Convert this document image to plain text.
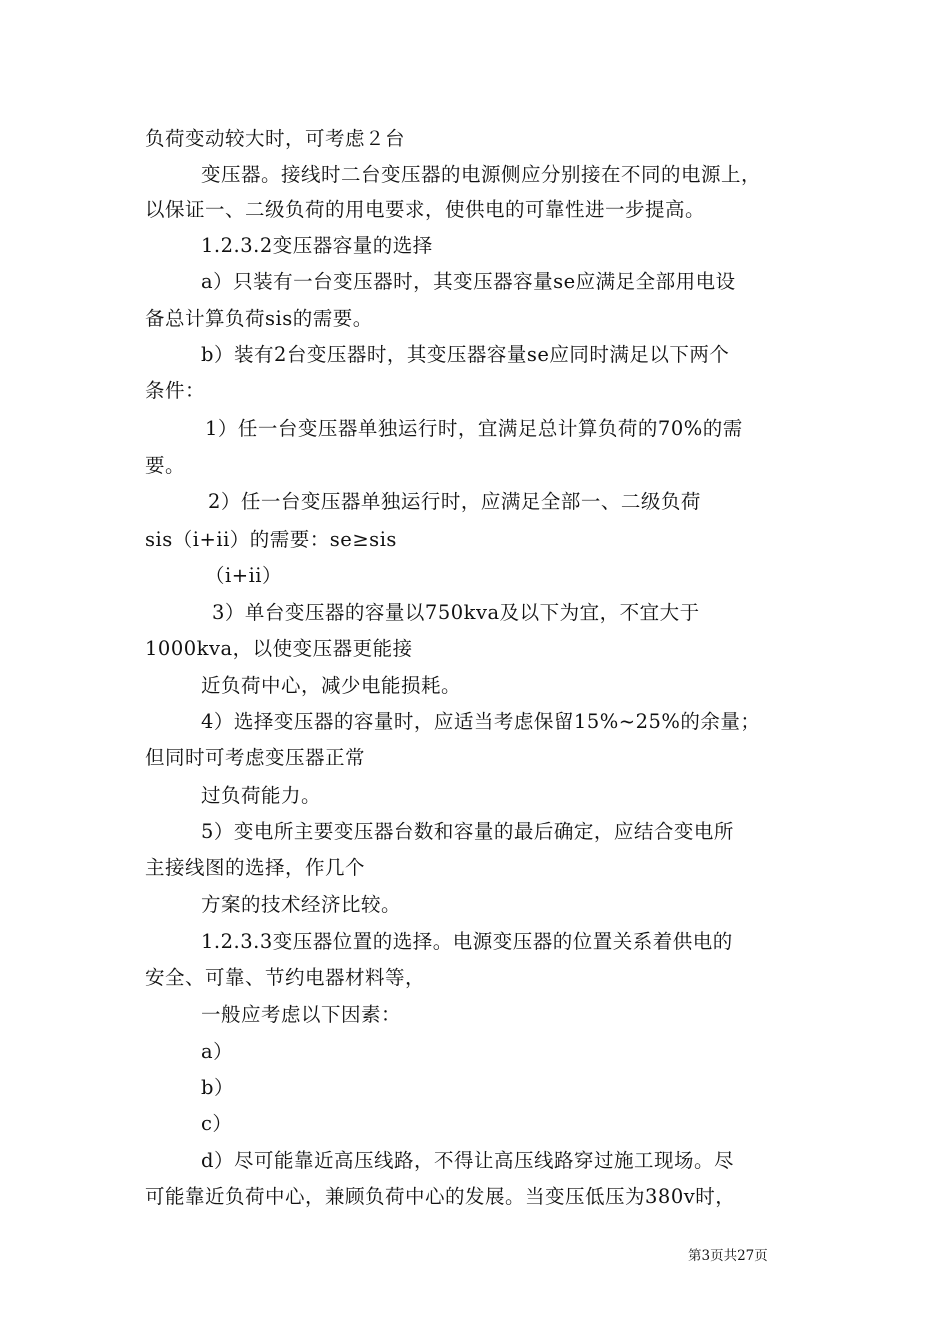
负荷变动较大时，可考虑２台
变压器。接线时二台变压器的电源侧应分别接在不同的电源上，
以保证一、二级负荷的用电要求，使供电的可靠性进一步提高。
1.2.3.2变压器容量的选择
a）只装有一台变压器时，其变压器容量se应满足全部用电设
备总计算负荷sis的需要。
b）装有2台变压器时，其变压器容量se应同时满足以下两个
条件：
1）任一台变压器单独运行时，宜满足总计算负荷的70%的需
要。
2）任一台变压器单独运行时，应满足全部一、二级负荷
sis（i+ii）的需要：se≥sis
（i+ii）
3）单台变压器的容量以750kva及以下为宜，不宜大于
1000kva，以使变压器更能接
近负荷中心，减少电能损耗。
4）选择变压器的容量时，应适当考虑保留15%~25%的余量；
但同时可考虑变压器正常
过负荷能力。
5）变电所主要变压器台数和容量的最后确定，应结合变电所
主接线图的选择，作几个
方案的技术经济比较。
1.2.3.3变压器位置的选择。电源变压器的位置关系着供电的
安全、可靠、节约电器材料等，
一般应考虑以下因素：
a）
b）
c）
d）尽可能靠近高压线路，不得让高压线路穿过施工现场。尽
可能靠近负荷中心，兼顾负荷中心的发展。当变压低压为380v时，
第3页共27页
